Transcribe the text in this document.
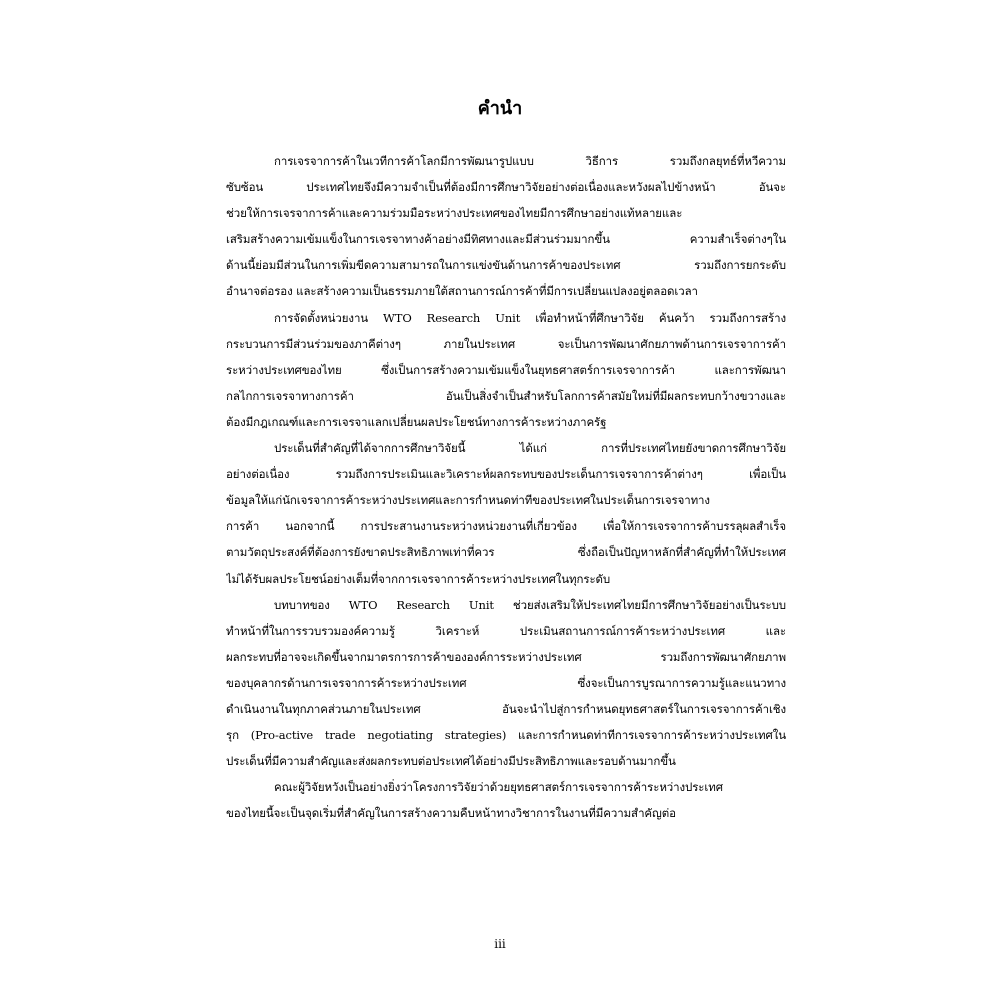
คำนำ
การเจรจาการค้าในเวทีการค้าโลกมีการพัฒนารูปแบบ วิธีการ รวมถึงกลยุทธ์ที่หวีความ
ซับซ้อน ประเทศไทยจึงมีความจำเป็นที่ต้องมีการศึกษาวิจัยอย่างต่อเนื่องและหวังผลไปข้างหน้า อันจะ
ช่วยให้การเจรจาการค้าและความร่วมมือระหว่างประเทศของไทยมีการศึกษาอย่างแท้หลายและ
เสริมสร้างความเข้มแข็งในการเจรจาทางค้าอย่างมีทิศทางและมีส่วนร่วมมากขึ้น ความสำเร็จต่างๆใน
ด้านนี้ย่อมมีส่วนในการเพิ่มขีดความสามารถในการแข่งขันด้านการค้าของประเทศ รวมถึงการยกระดับ
อำนาจต่อรอง และสร้างความเป็นธรรมภายใต้สถานการณ์การค้าที่มีการเปลี่ยนแปลงอยู่ตลอดเวลา
การจัดตั้งหน่วยงาน WTO Research Unit เพื่อทำหน้าที่ศึกษาวิจัย ค้นคว้า รวมถึงการสร้าง
กระบวนการมีส่วนร่วมของภาคีต่างๆ ภายในประเทศ จะเป็นการพัฒนาศักยภาพด้านการเจรจาการค้า
ระหว่างประเทศของไทย ซึ่งเป็นการสร้างความเข้มแข็งในยุทธศาสตร์การเจรจาการค้า และการพัฒนา
กลไกการเจรจาทางการค้า อันเป็นสิ่งจำเป็นสำหรับโลกการค้าสมัยใหม่ที่มีผลกระทบกว้างขวางและ
ต้องมีกฎเกณฑ์และการเจรจาแลกเปลี่ยนผลประโยชน์ทางการค้าระหว่างภาครัฐ
ประเด็นที่สำคัญที่ได้จากการศึกษาวิจัยนี้ ได้แก่ การที่ประเทศไทยยังขาดการศึกษาวิจัย
อย่างต่อเนื่อง รวมถึงการประเมินและวิเคราะห์ผลกระทบของประเด็นการเจรจาการค้าต่างๆ เพื่อเป็น
ข้อมูลให้แก่นักเจรจาการค้าระหว่างประเทศและการกำหนดท่าทีของประเทศในประเด็นการเจรจาทาง
การค้า นอกจากนี้ การประสานงานระหว่างหน่วยงานที่เกี่ยวข้อง เพื่อให้การเจรจาการค้าบรรลุผลสำเร็จ
ตามวัตถุประสงค์ที่ต้องการยังขาดประสิทธิภาพเท่าที่ควร ซึ่งถือเป็นปัญหาหลักที่สำคัญที่ทำให้ประเทศ
ไม่ได้รับผลประโยชน์อย่างเต็มที่จากการเจรจาการค้าระหว่างประเทศในทุกระดับ
บทบาทของ WTO Research Unit ช่วยส่งเสริมให้ประเทศไทยมีการศึกษาวิจัยอย่างเป็นระบบ
ทำหน้าที่ในการรวบรวมองค์ความรู้ วิเคราะห์ ประเมินสถานการณ์การค้าระหว่างประเทศ และ
ผลกระทบที่อาจจะเกิดขึ้นจากมาตรการการค้าขององค์การระหว่างประเทศ รวมถึงการพัฒนาศักยภาพ
ของบุคลากรด้านการเจรจาการค้าระหว่างประเทศ ซึ่งจะเป็นการบูรณาการความรู้และแนวทาง
ดำเนินงานในทุกภาคส่วนภายในประเทศ อันจะนำไปสู่การกำหนดยุทธศาสตร์ในการเจรจาการค้าเชิง
รุก (Pro-active trade negotiating strategies) และการกำหนดท่าทีการเจรจาการค้าระหว่างประเทศใน
ประเด็นที่มีความสำคัญและส่งผลกระทบต่อประเทศได้อย่างมีประสิทธิภาพและรอบด้านมากขึ้น
คณะผู้วิจัยหวังเป็นอย่างยิ่งว่าโครงการวิจัยว่าด้วยยุทธศาสตร์การเจรจาการค้าระหว่างประเทศ
ของไทยนี้จะเป็นจุดเริ่มที่สำคัญในการสร้างความคืบหน้าทางวิชาการในงานที่มีความสำคัญต่อ
iii
